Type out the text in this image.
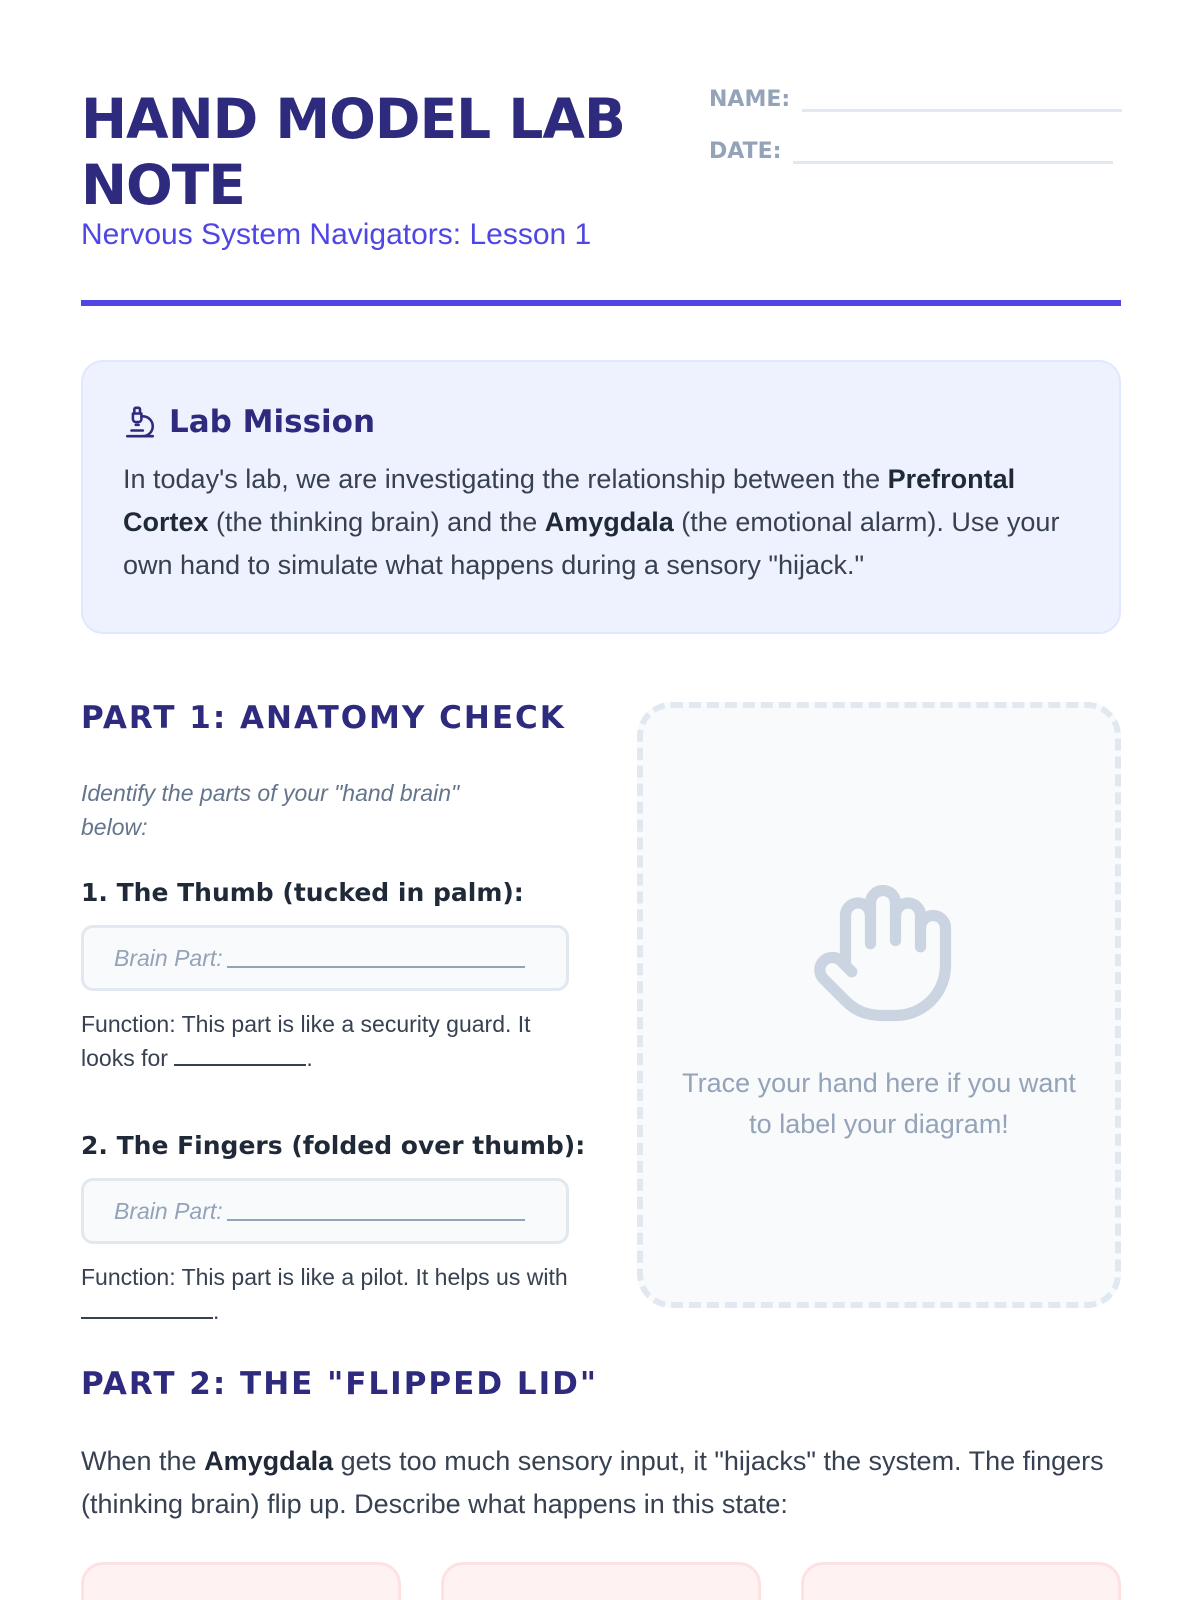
HAND MODEL LAB NOTE
Nervous System Navigators: Lesson 1
NAME:
DATE:
Lab Mission

In today's lab, we are investigating the relationship between the Prefrontal Cortex (the thinking brain) and the Amygdala (the emotional alarm). Use your own hand to simulate what happens during a sensory "hijack."

PART 1: ANATOMY CHECK
Identify the parts of your "hand brain" below:
1. The Thumb (tucked in palm):
Brain Part:

Function: This part is like a security guard. It looks for	.

2. The Fingers (folded over thumb):
Brain Part:

Function: This part is like a pilot. It helps us with .

Trace your hand here if you want to label your diagram!
PART 2: THE "FLIPPED LID"

When the Amygdala gets too much sensory input, it "hijacks" the system. The fingers (thinking brain) flip up. Describe what happens in this state:
